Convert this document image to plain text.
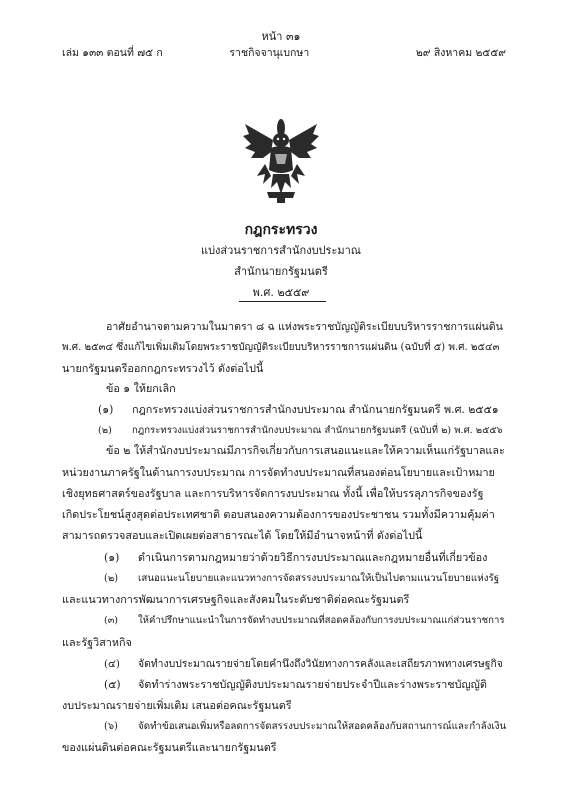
หน้า ๓๑
เล่ม ๑๓๓ ตอนที่ ๗๕ ก	ราชกิจจานุเบกษา	๒๙ สิงหาคม ๒๕๕๙
กฎกระทรวง
แบ่งส่วนราชการสำนักงบประมาณ
สำนักนายกรัฐมนตรี
พ.ศ. ๒๕๕๙
อาศัยอำนาจตามความในมาตรา ๘ ฉ แห่งพระราชบัญญัติระเบียบบริหารราชการแผ่นดิน
พ.ศ. ๒๕๓๔ ซึ่งแก้ไขเพิ่มเติมโดยพระราชบัญญัติระเบียบบริหารราชการแผ่นดิน (ฉบับที่ ๕) พ.ศ. ๒๕๔๓
นายกรัฐมนตรีออกกฎกระทรวงไว้ ดังต่อไปนี้
ข้อ ๑ ให้ยกเลิก
(๑) กฎกระทรวงแบ่งส่วนราชการสำนักงบประมาณ สำนักนายกรัฐมนตรี พ.ศ. ๒๕๕๑
(๒) กฎกระทรวงแบ่งส่วนราชการสำนักงบประมาณ สำนักนายกรัฐมนตรี (ฉบับที่ ๒) พ.ศ. ๒๕๕๖
ข้อ ๒ ให้สำนักงบประมาณมีภารกิจเกี่ยวกับการเสนอแนะและให้ความเห็นแก่รัฐบาลและ
หน่วยงานภาครัฐในด้านการงบประมาณ การจัดทำงบประมาณที่สนองต่อนโยบายและเป้าหมาย
เชิงยุทธศาสตร์ของรัฐบาล และการบริหารจัดการงบประมาณ ทั้งนี้ เพื่อให้บรรลุภารกิจของรัฐ
เกิดประโยชน์สูงสุดต่อประเทศชาติ ตอบสนองความต้องการของประชาชน รวมทั้งมีความคุ้มค่า
สามารถตรวจสอบและเปิดเผยต่อสาธารณะได้ โดยให้มีอำนาจหน้าที่ ดังต่อไปนี้
(๑) ดำเนินการตามกฎหมายว่าด้วยวิธีการงบประมาณและกฎหมายอื่นที่เกี่ยวข้อง
(๒) เสนอแนะนโยบายและแนวทางการจัดสรรงบประมาณให้เป็นไปตามแนวนโยบายแห่งรัฐ
และแนวทางการพัฒนาการเศรษฐกิจและสังคมในระดับชาติต่อคณะรัฐมนตรี
(๓) ให้คำปรึกษาแนะนำในการจัดทำงบประมาณที่สอดคล้องกับการงบประมาณแก่ส่วนราชการ
และรัฐวิสาหกิจ
(๔) จัดทำงบประมาณรายจ่ายโดยคำนึงถึงวินัยทางการคลังและเสถียรภาพทางเศรษฐกิจ
(๕) จัดทำร่างพระราชบัญญัติงบประมาณรายจ่ายประจำปีและร่างพระราชบัญญัติ
งบประมาณรายจ่ายเพิ่มเติม เสนอต่อคณะรัฐมนตรี
(๖) จัดทำข้อเสนอเพิ่มหรือลดการจัดสรรงบประมาณให้สอดคล้องกับสถานการณ์และกำลังเงิน
ของแผ่นดินต่อคณะรัฐมนตรีและนายกรัฐมนตรี
